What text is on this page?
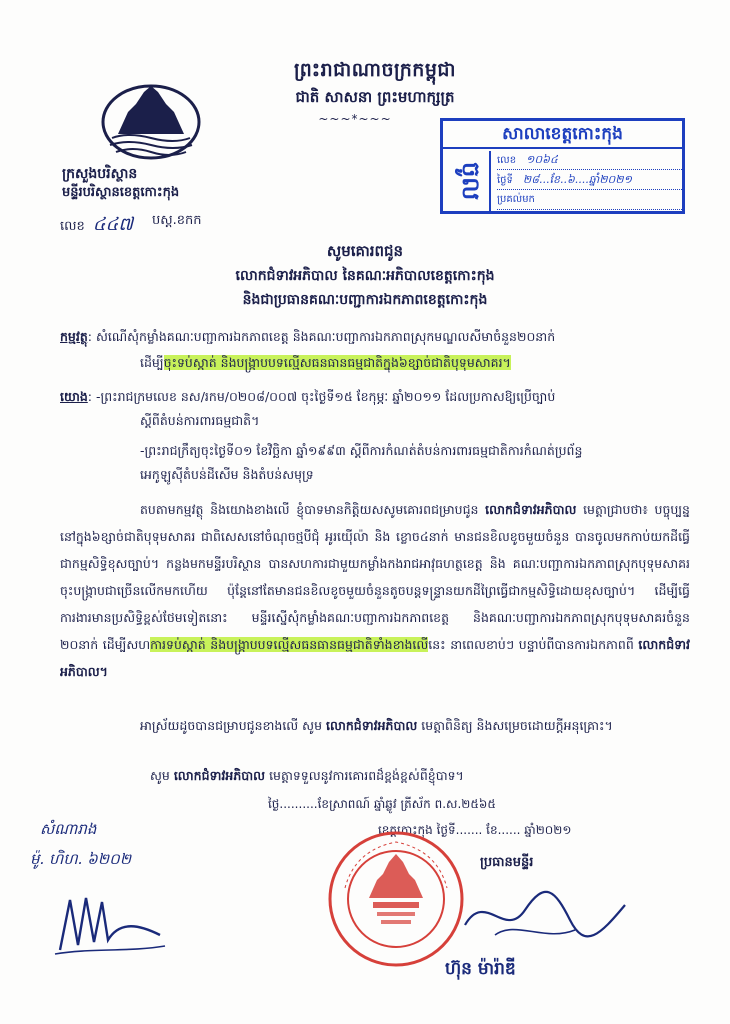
ព្រះរាជាណាចក្រកម្ពុជា
ជាតិ សាសនា ព្រះមហាក្សត្រ
~~~*~~~
ក្រសួងបរិស្ថាន
មន្ទីរបរិស្ថានខេត្តកោះកុង
លេខ ៤៤៧	បស្ត.ខកក
សាលាខេត្តកោះកុង
ចូល
លេខ ១០៦៤
ថ្ងៃទី ២៨...ខែ..៦....ឆ្នាំ២០២១
ប្រគល់មក
សូមគោរពជូន
លោកជំទាវអភិបាល នៃគណៈអភិបាលខេត្តកោះកុង
និងជាប្រធានគណៈបញ្ជាការឯកភាពខេត្តកោះកុង
កម្មវត្ថុ: សំណើសុំកម្លាំងគណៈបញ្ជាការឯកភាពខេត្ត និងគណៈបញ្ជាការឯកភាពស្រុកមណ្ឌលសីមាចំនួន២០នាក់
ដើម្បីចុះទប់ស្កាត់ និងបង្ក្រាបបទល្មើសធនធានធម្មជាតិក្នុង៦ខ្សាច់ជាតិបុទុមសាគរ។
យោង: -ព្រះរាជក្រមលេខ នស/រកម/០២០៨/០០៧ ចុះថ្ងៃទី១៥ ខែកុម្ភៈ ឆ្នាំ២០១១ ដែលប្រកាសឱ្យប្រើច្បាប់
ស្តីពីតំបន់ការពារធម្មជាតិ។
-ព្រះរាជក្រឹត្យចុះថ្ងៃទី០១ ខែវិច្ឆិកា ឆ្នាំ១៩៩៣ ស្តីពីការកំណត់តំបន់ការពារធម្មជាតិការកំណត់ប្រព័ន្ធ
អេកូឡូស៊ីតំបន់ដីសើម និងតំបន់សមុទ្រ
តបតាមកម្មវត្ថុ និងយោងខាងលើ ខ្ញុំបាទមានកិត្តិយសសូមគោរពជម្រាបជូន លោកជំទាវអភិបាល មេត្តាជ្រាបថា៖ បច្ចុប្បន្ននៅក្នុង៦ខ្សាច់ជាតិបុទុមសាគរ ជាពិសេសនៅចំណុចថ្មបីជុំ អូរយ៉ើល៉ា និង ខ្លោច៤នាក់ មានជនខិលខូចមួយចំនួន បានចូលមកកាប់យកដីធ្វើជាកម្មសិទ្ធិខុសច្បាប់។ កន្លងមកមន្ទីរបរិស្ថាន បានសហការជាមួយកម្លាំងកងរាជអាវុធហត្ថខេត្ត និង គណៈបញ្ជាការឯកភាពស្រុកបុទុមសាគរចុះបង្ក្រាបជាច្រើនលើកមកហើយ ប៉ុន្តែនៅតែមានជនខិលខូចមួយចំនួនតូចបន្តទន្ទ្រានយកដីព្រៃធ្វើជាកម្មសិទ្ធិដោយខុសច្បាប់។ ដើម្បីធ្វើការងារមានប្រសិទ្ធិខ្ពស់ថែមទៀតនោះ មន្ទីរស្នើសុំកម្លាំងគណៈបញ្ជាការឯកភាពខេត្ត និងគណៈបញ្ជាការឯកភាពស្រុកបុទុមសាគរចំនួន ២០នាក់ ដើម្បីសហការទប់ស្កាត់ និងបង្ក្រាបបទល្មើសធនធានធម្មជាតិទាំងខាងលើនេះ នាពេលខាប់ៗ បន្ទាប់ពីបានការឯកភាពពី លោកជំទាវអភិបាល។
អាស្រ័យដូចបានជម្រាបជូនខាងលើ សូម លោកជំទាវអភិបាល មេត្តាពិនិត្យ និងសម្រេចដោយក្តីអនុគ្រោះ។
សូម លោកជំទាវអភិបាល មេត្តាទទួលនូវការគោរពដ៏ខ្ពង់ខ្ពស់ពីខ្ញុំបាទ។
ថ្ងៃ..........ខែស្រាពណ៍ ឆ្នាំឆ្លូវ ត្រីស័ក ព.ស.២៥៦៥
ខេត្តកោះកុង ថ្ងៃទី....... ខែ...... ឆ្នាំ២០២១
ប្រធានមន្ទីរ
ហ៊ុន ម៉ារ៉ាឌី
សំណារាង
ម៉ូ. ហិហ. ៦២០២
